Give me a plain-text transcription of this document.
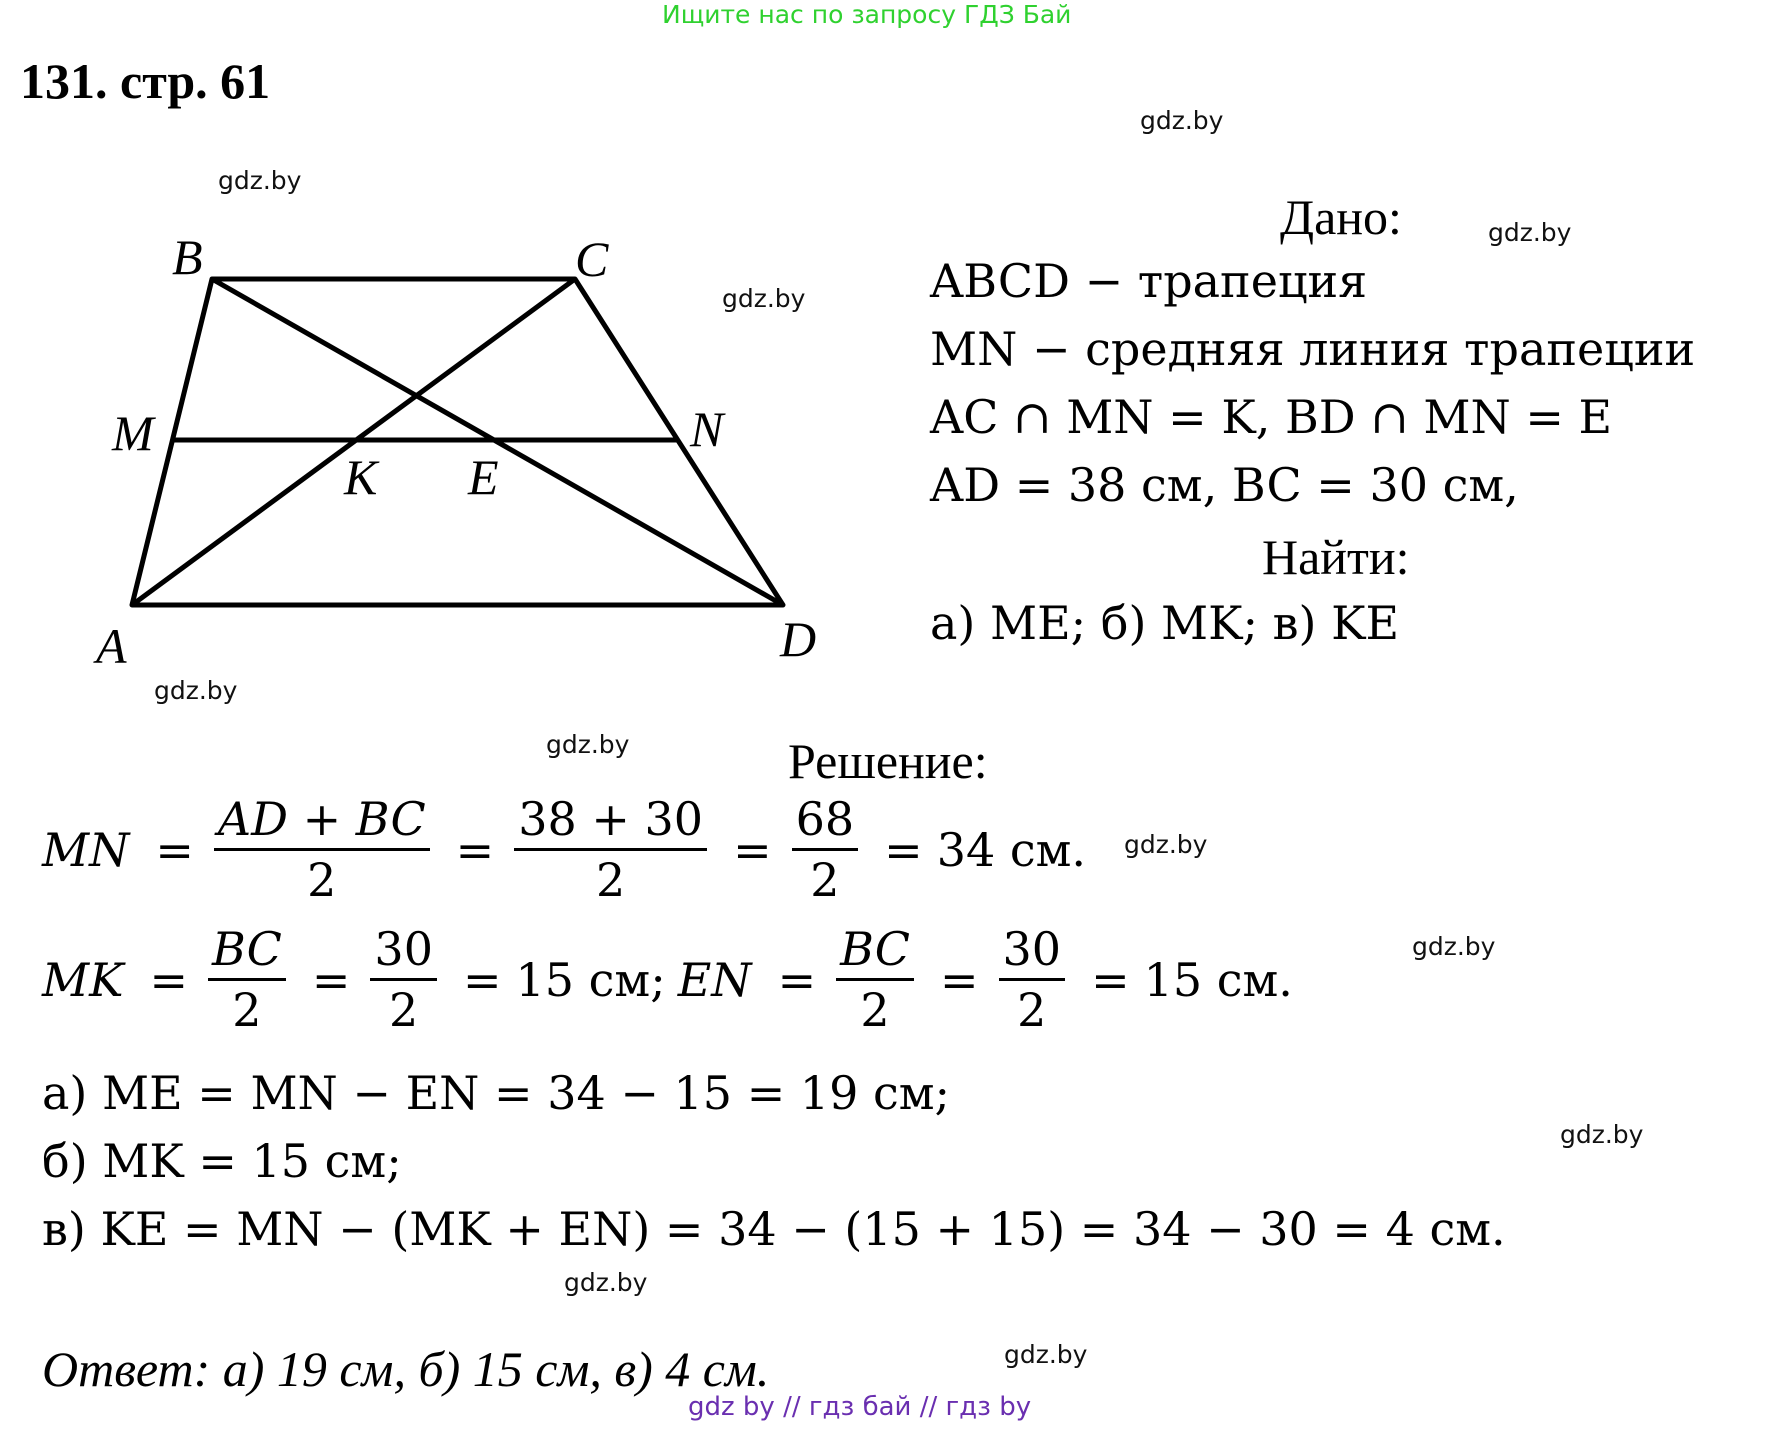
Ищите нас по запросу ГДЗ Бай
131. стр. 61
gdz.by
gdz.by
gdz.by
gdz.by
gdz.by
gdz.by
gdz.by
gdz.by
gdz.by
gdz.by
gdz.by
A
B	C
D
M	N
K E
Дано:
ABCD − трапеция
MN − средняя линия трапеции
AC ∩ MN = K, BD ∩ MN = E
AD = 38 см, BC = 30 см,
Найти:
а) ME; б) MK; в) KE
Решение:
MN = $\frac{AD + BC}{2} = \frac{38 + 30}{2} = \frac{68}{2} = 34$ см.
MK = $\frac{BC}{2} = \frac{30}{2} = 15$ см; EN = $\frac{BC}{2} = \frac{30}{2} = 15$ см.
а) ME = MN − EN = 34 − 15 = 19 см;
б) MK = 15 см;
в) KE = MN − (MK + EN) = 34 − (15 + 15) = 34 − 30 = 4 см.
Ответ: а) 19 см, б) 15 см, в) 4 см.
gdz by // гдз бай // гдз by
